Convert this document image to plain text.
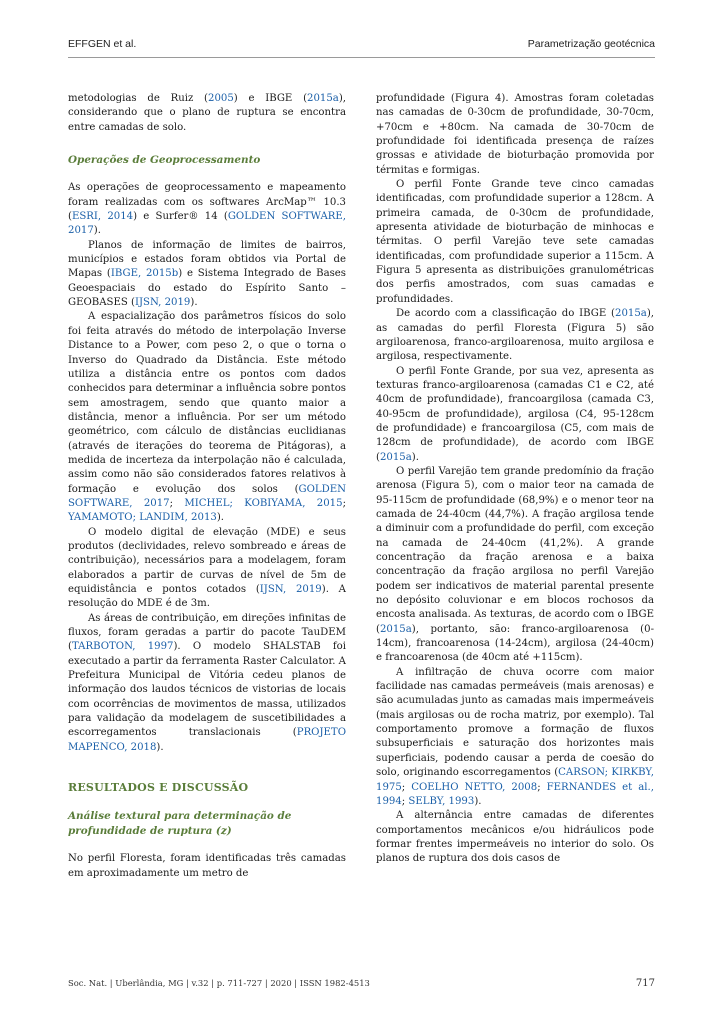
EFFGEN et al.	Parametrização geotécnica

metodologias de Ruiz (2005) e IBGE (2015a), considerando que o plano de ruptura se encontra entre camadas de solo.

Operações de Geoprocessamento

As operações de geoprocessamento e mapeamento foram realizadas com os softwares ArcMap™ 10.3 (ESRI, 2014) e Surfer® 14 (GOLDEN SOFTWARE, 2017).

Planos de informação de limites de bairros, municípios e estados foram obtidos via Portal de Mapas (IBGE, 2015b) e Sistema Integrado de Bases Geoespaciais do estado do Espírito Santo – GEOBASES (IJSN, 2019).

A espacialização dos parâmetros físicos do solo foi feita através do método de interpolação Inverse Distance to a Power, com peso 2, o que o torna o Inverso do Quadrado da Distância. Este método utiliza a distância entre os pontos com dados conhecidos para determinar a influência sobre pontos sem amostragem, sendo que quanto maior a distância, menor a influência. Por ser um método geométrico, com cálculo de distâncias euclidianas (através de iterações do teorema de Pitágoras), a medida de incerteza da interpolação não é calculada, assim como não são considerados fatores relativos à formação e evolução dos solos (GOLDEN SOFTWARE, 2017; MICHEL; KOBIYAMA, 2015; YAMAMOTO; LANDIM, 2013).

O modelo digital de elevação (MDE) e seus produtos (declividades, relevo sombreado e áreas de contribuição), necessários para a modelagem, foram elaborados a partir de curvas de nível de 5m de equidistância e pontos cotados (IJSN, 2019). A resolução do MDE é de 3m.

As áreas de contribuição, em direções infinitas de fluxos, foram geradas a partir do pacote TauDEM (TARBOTON, 1997). O modelo SHALSTAB foi executado a partir da ferramenta Raster Calculator. A Prefeitura Municipal de Vitória cedeu planos de informação dos laudos técnicos de vistorias de locais com ocorrências de movimentos de massa, utilizados para validação da modelagem de suscetibilidades a escorregamentos translacionais (PROJETO MAPENCO, 2018).

RESULTADOS E DISCUSSÃO

Análise textural para determinação de profundidade de ruptura (z)

No perfil Floresta, foram identificadas três camadas em aproximadamente um metro de

profundidade (Figura 4). Amostras foram coletadas nas camadas de 0-30cm de profundidade, 30-70cm, +70cm e +80cm. Na camada de 30-70cm de profundidade foi identificada presença de raízes grossas e atividade de bioturbação promovida por térmitas e formigas.

O perfil Fonte Grande teve cinco camadas identificadas, com profundidade superior a 128cm. A primeira camada, de 0-30cm de profundidade, apresenta atividade de bioturbação de minhocas e térmitas. O perfil Varejão teve sete camadas identificadas, com profundidade superior a 115cm. A Figura 5 apresenta as distribuições granulométricas dos perfis amostrados, com suas camadas e profundidades.

De acordo com a classificação do IBGE (2015a), as camadas do perfil Floresta (Figura 5) são argiloarenosa, franco-argiloarenosa, muito argilosa e argilosa, respectivamente.

O perfil Fonte Grande, por sua vez, apresenta as texturas franco-argiloarenosa (camadas C1 e C2, até 40cm de profundidade), francoargilosa (camada C3, 40-95cm de profundidade), argilosa (C4, 95-128cm de profundidade) e francoargilosa (C5, com mais de 128cm de profundidade), de acordo com IBGE (2015a).

O perfil Varejão tem grande predomínio da fração arenosa (Figura 5), com o maior teor na camada de 95-115cm de profundidade (68,9%) e o menor teor na camada de 24-40cm (44,7%). A fração argilosa tende a diminuir com a profundidade do perfil, com exceção na camada de 24-40cm (41,2%). A grande concentração da fração arenosa e a baixa concentração da fração argilosa no perfil Varejão podem ser indicativos de material parental presente no depósito coluvionar e em blocos rochosos da encosta analisada. As texturas, de acordo com o IBGE (2015a), portanto, são: franco-argiloarenosa (0-14cm), francoarenosa (14-24cm), argilosa (24-40cm) e francoarenosa (de 40cm até +115cm).

A infiltração de chuva ocorre com maior facilidade nas camadas permeáveis (mais arenosas) e são acumuladas junto as camadas mais impermeáveis (mais argilosas ou de rocha matriz, por exemplo). Tal comportamento promove a formação de fluxos subsuperficiais e saturação dos horizontes mais superficiais, podendo causar a perda de coesão do solo, originando escorregamentos (CARSON; KIRKBY, 1975; COELHO NETTO, 2008; FERNANDES et al., 1994; SELBY, 1993).

A alternância entre camadas de diferentes comportamentos mecânicos e/ou hidráulicos pode formar frentes impermeáveis no interior do solo. Os planos de ruptura dos dois casos de

Soc. Nat. | Uberlândia, MG | v.32 | p. 711-727 | 2020 | ISSN 1982-4513	717
